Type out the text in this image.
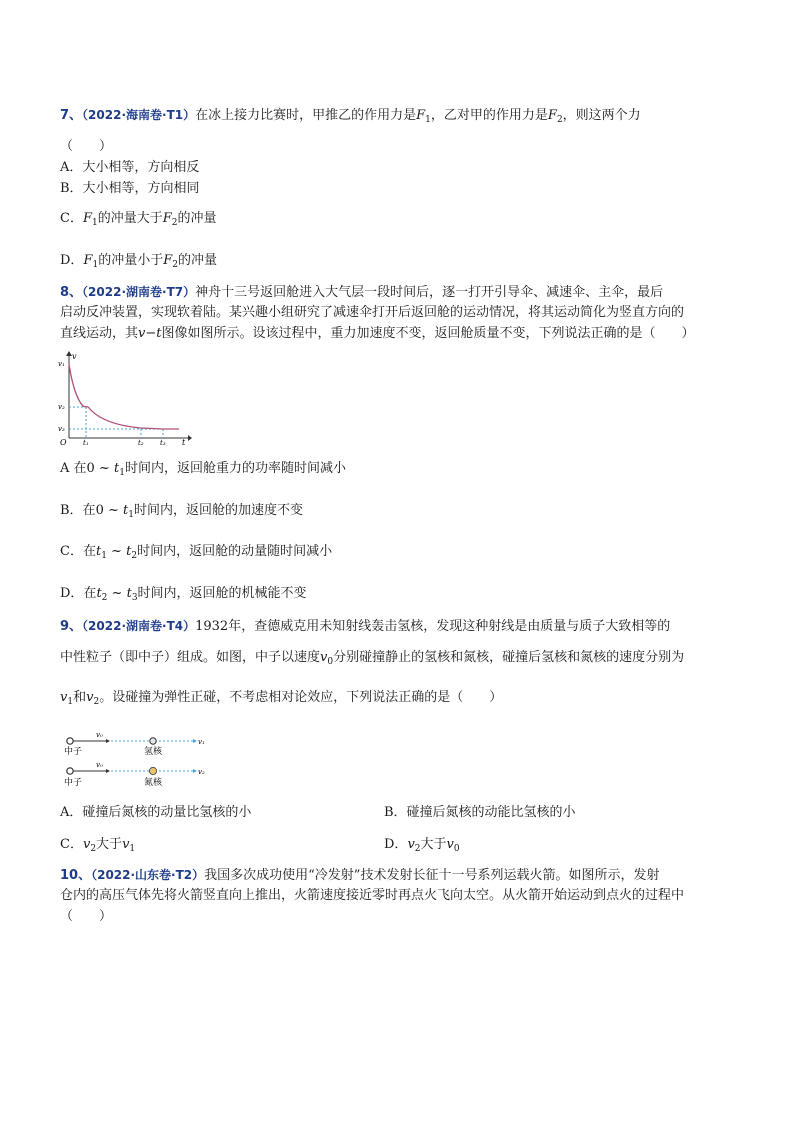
7、（2022·海南卷·T1）在冰上接力比赛时，甲推乙的作用力是$F_1$，乙对甲的作用力是$F_2$，则这两个力
（　　）
A．大小相等，方向相反
B．大小相等，方向相同
C．$F_1$的冲量大于$F_2$的冲量
D．$F_1$的冲量小于$F_2$的冲量
8、（2022·湖南卷·T7）神舟十三号返回舱进入大气层一段时间后，逐一打开引导伞、减速伞、主伞，最后
启动反冲装置，实现软着陆。某兴趣小组研究了减速伞打开后返回舱的运动情况，将其运动简化为竖直方向的
直线运动，其v−t图像如图所示。设该过程中，重力加速度不变，返回舱质量不变，下列说法正确的是（　　）
v
v₁
v₂
v₃
O t₁	t₂ t₃ t
A 在0 ~ $t_1$时间内，返回舱重力的功率随时间减小
B．在0 ~ $t_1$时间内，返回舱的加速度不变
C．在$t_1$ ~ $t_2$时间内，返回舱的动量随时间减小
D．在$t_2$ ~ $t_3$时间内，返回舱的机械能不变
9、（2022·湖南卷·T4）1932年，查德威克用未知射线轰击氢核，发现这种射线是由质量与质子大致相等的
中性粒子（即中子）组成。如图，中子以速度$v_0$分别碰撞静止的氢核和氮核，碰撞后氢核和氮核的速度分别为
$v_1$和$v_2$。设碰撞为弹性正碰，不考虑相对论效应，下列说法正确的是（　　）
中子	氢核
v₀
v₁
中子	氮核
v₀
v₂
A．碰撞后氮核的动量比氢核的小	B．碰撞后氮核的动能比氢核的小
C．$v_2$大于$v_1$	D．$v_2$大于$v_0$
10、（2022·山东卷·T2）我国多次成功使用“冷发射”技术发射长征十一号系列运载火箭。如图所示，发射
仓内的高压气体先将火箭竖直向上推出，火箭速度接近零时再点火飞向太空。从火箭开始运动到点火的过程中
（　　）
